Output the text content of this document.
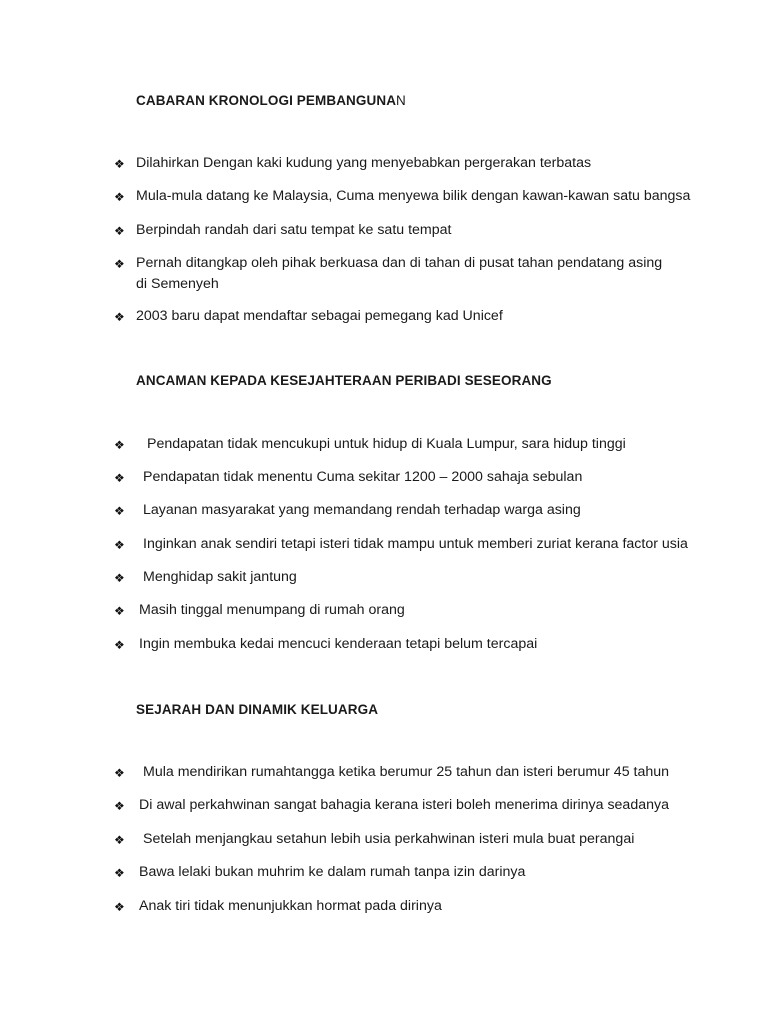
CABARAN KRONOLOGI PEMBANGUNAN
❖ Dilahirkan Dengan kaki kudung yang menyebabkan pergerakan terbatas
❖ Mula-mula datang ke Malaysia, Cuma menyewa bilik dengan kawan-kawan satu bangsa
❖ Berpindah randah dari satu tempat ke satu tempat
❖ Pernah ditangkap oleh pihak berkuasa dan di tahan di pusat tahan pendatang asing di Semenyeh
❖ 2003 baru dapat mendaftar sebagai pemegang kad Unicef
ANCAMAN KEPADA KESEJAHTERAAN PERIBADI SESEORANG
❖ Pendapatan tidak mencukupi untuk hidup di Kuala Lumpur, sara hidup tinggi
❖ Pendapatan tidak menentu Cuma sekitar 1200 – 2000 sahaja sebulan
❖ Layanan masyarakat yang memandang rendah terhadap warga asing
❖ Inginkan anak sendiri tetapi isteri tidak mampu untuk memberi zuriat kerana factor usia
❖ Menghidap sakit jantung
❖ Masih tinggal menumpang di rumah orang
❖ Ingin membuka kedai mencuci kenderaan tetapi belum tercapai
SEJARAH DAN DINAMIK KELUARGA
❖ Mula mendirikan rumahtangga ketika berumur 25 tahun dan isteri berumur 45 tahun
❖ Di awal perkahwinan sangat bahagia kerana isteri boleh menerima dirinya seadanya
❖ Setelah menjangkau setahun lebih usia perkahwinan isteri mula buat perangai
❖ Bawa lelaki bukan muhrim ke dalam rumah tanpa izin darinya
❖ Anak tiri tidak menunjukkan hormat pada dirinya
